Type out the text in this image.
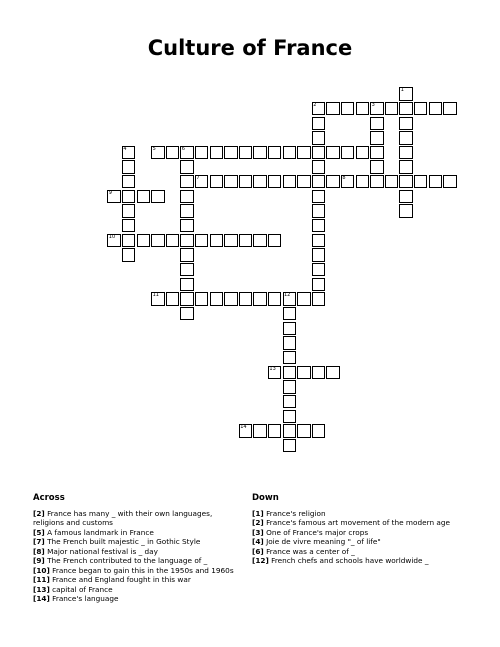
Culture of France
1
2	3
4	5	6
7	8
9
10
11	12
13
14
Across
[2] France has many _ with their own languages, religions and customs
[5] A famous landmark in France
[7] The French built majestic _ in Gothic Style
[8] Major national festival is _ day
[9] The French contributed to the language of _
[10] France began to gain this in the 1950s and 1960s
[11] France and England fought in this war
[13] capital of France
[14] France's language
Down
[1] France's religion
[2] France's famous art movement of the modern age
[3] One of France's major crops
[4] Joie de vivre meaning "_ of life"
[6] France was a center of _
[12] French chefs and schools have worldwide _
